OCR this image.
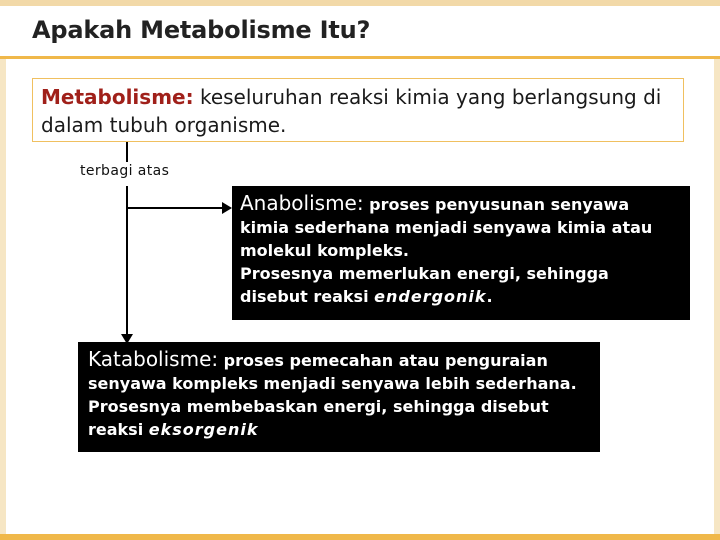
Apakah Metabolisme Itu?
Metabolisme: keseluruhan reaksi kimia yang berlangsung di dalam tubuh organisme.
terbagi atas
Anabolisme: proses penyusunan senyawa kimia sederhana menjadi senyawa kimia atau molekul kompleks.
Prosesnya memerlukan energi, sehingga disebut reaksi endergonik.
Katabolisme: proses pemecahan atau penguraian senyawa kompleks menjadi senyawa lebih sederhana.
Prosesnya membebaskan energi, sehingga disebut reaksi eksorgenik
